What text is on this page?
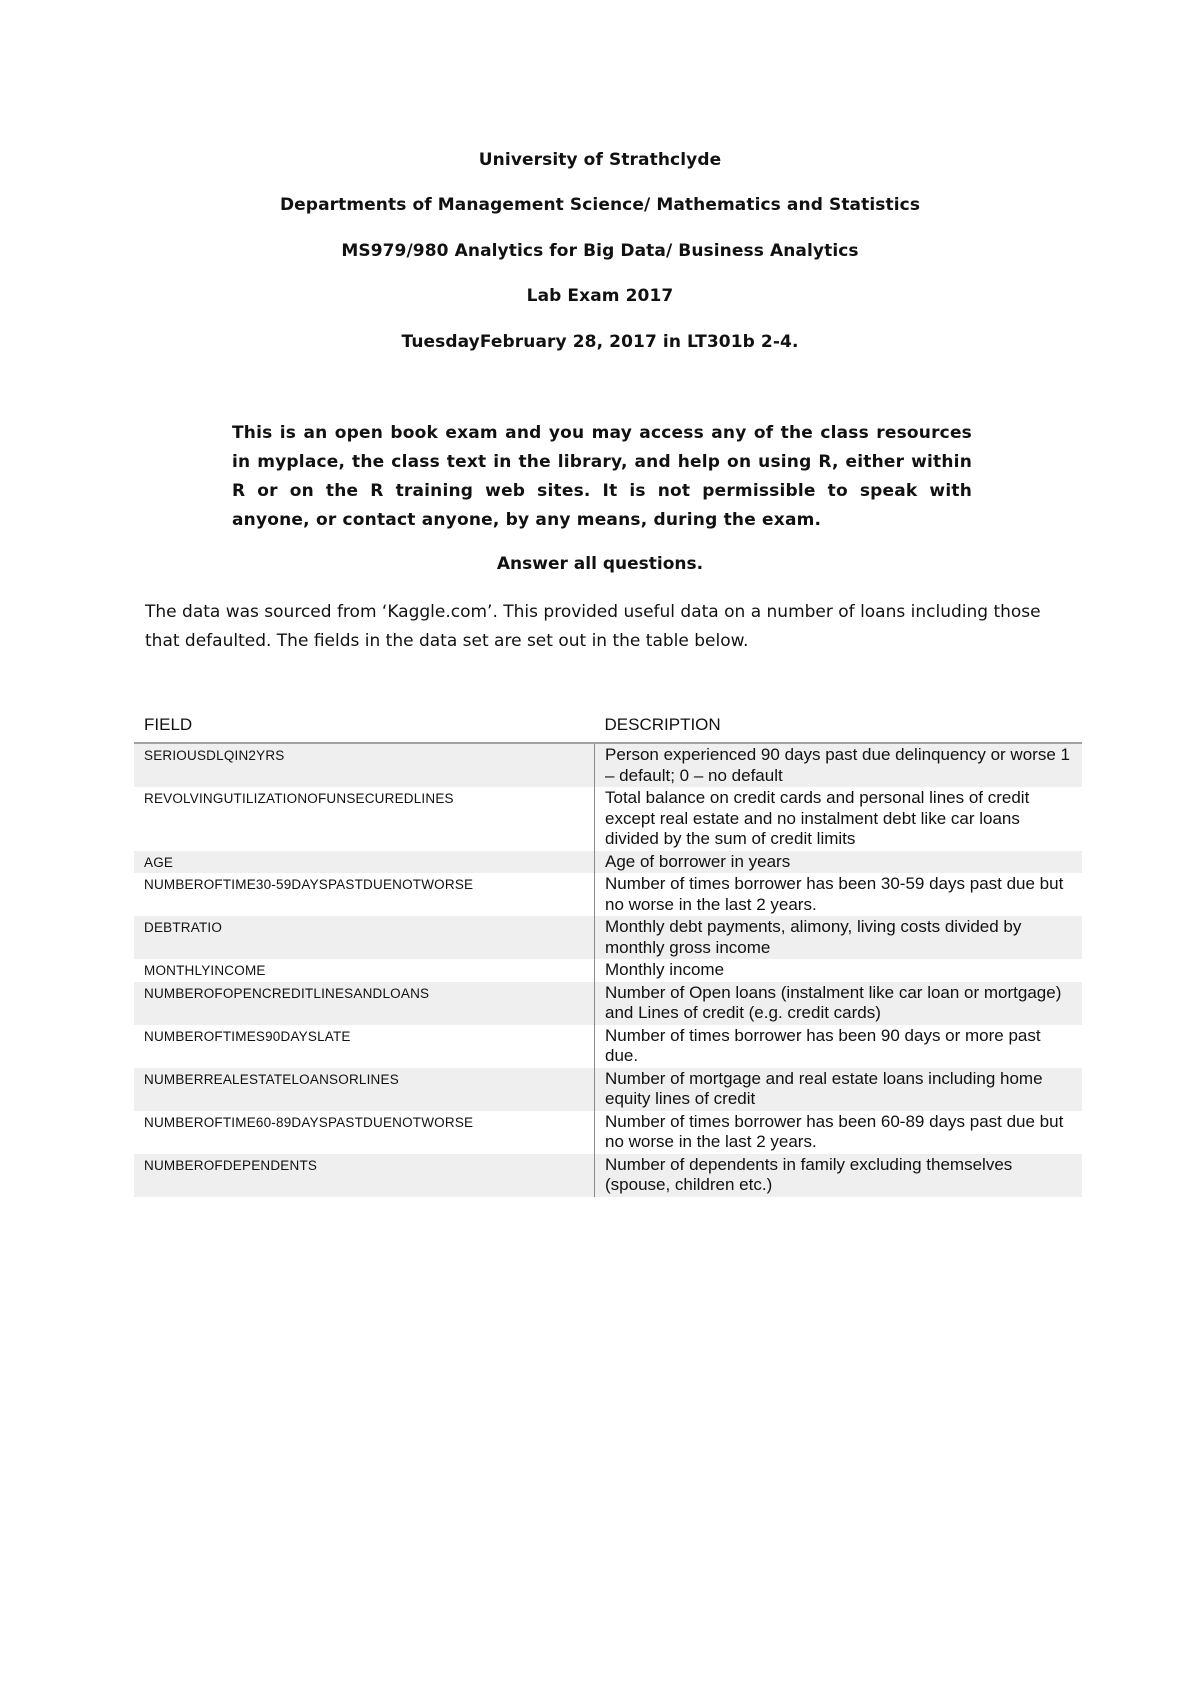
University of Strathclyde
Departments of Management Science/ Mathematics and Statistics
MS979/980 Analytics for Big Data/ Business Analytics
Lab Exam 2017
TuesdayFebruary 28, 2017 in LT301b 2-4.
This is an open book exam and you may access any of the class resources in myplace, the class text in the library, and help on using R, either within R or on the R training web sites. It is not permissible to speak with anyone, or contact anyone, by any means, during the exam.
Answer all questions.
The data was sourced from ‘Kaggle.com’. This provided useful data on a number of loans including those that defaulted. The fields in the data set are set out in the table below.
FIELD	DESCRIPTION
SERIOUSDLQIN2YRS	Person experienced 90 days past due delinquency or worse 1 – default; 0 – no default
REVOLVINGUTILIZATIONOFUNSECUREDLINES	Total balance on credit cards and personal lines of credit except real estate and no instalment debt like car loans divided by the sum of credit limits
AGE	Age of borrower in years
NUMBEROFTIME30-59DAYSPASTDUENOTWORSE	Number of times borrower has been 30-59 days past due but no worse in the last 2 years.
DEBTRATIO	Monthly debt payments, alimony, living costs divided by monthly gross income
MONTHLYINCOME	Monthly income
NUMBEROFOPENCREDITLINESANDLOANS	Number of Open loans (instalment like car loan or mortgage) and Lines of credit (e.g. credit cards)
NUMBEROFTIMES90DAYSLATE	Number of times borrower has been 90 days or more past due.
NUMBERREALESTATELOANSORLINES	Number of mortgage and real estate loans including home equity lines of credit
NUMBEROFTIME60-89DAYSPASTDUENOTWORSE	Number of times borrower has been 60-89 days past due but no worse in the last 2 years.
NUMBEROFDEPENDENTS	Number of dependents in family excluding themselves (spouse, children etc.)
